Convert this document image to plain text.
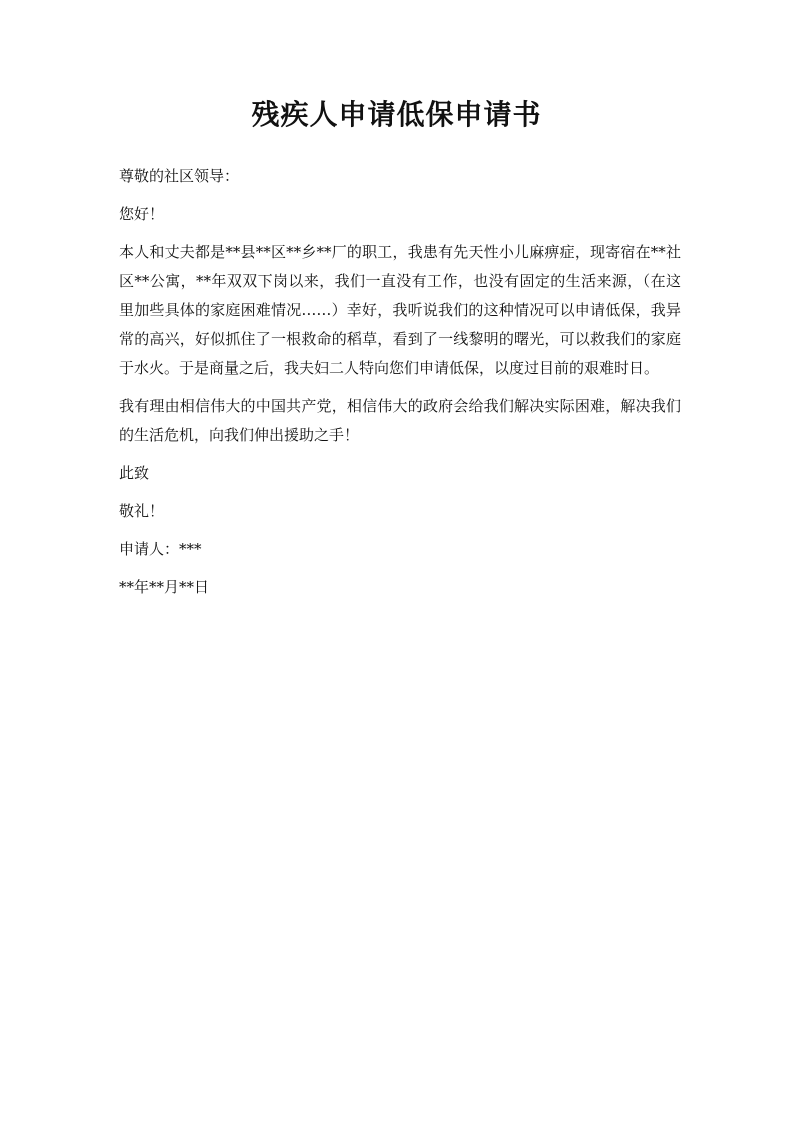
残疾人申请低保申请书

尊敬的社区领导：

您好！

本人和丈夫都是**县**区**乡**厂的职工，我患有先天性小儿麻痹症，现寄宿在**社区**公寓，**年双双下岗以来，我们一直没有工作，也没有固定的生活来源，（在这里加些具体的家庭困难情况……）幸好，我听说我们的这种情况可以申请低保，我异常的高兴，好似抓住了一根救命的稻草，看到了一线黎明的曙光，可以救我们的家庭于水火。于是商量之后，我夫妇二人特向您们申请低保，以度过目前的艰难时日。

我有理由相信伟大的中国共产党，相信伟大的政府会给我们解决实际困难，解决我们的生活危机，向我们伸出援助之手！

此致

敬礼！

申请人：***

**年**月**日
